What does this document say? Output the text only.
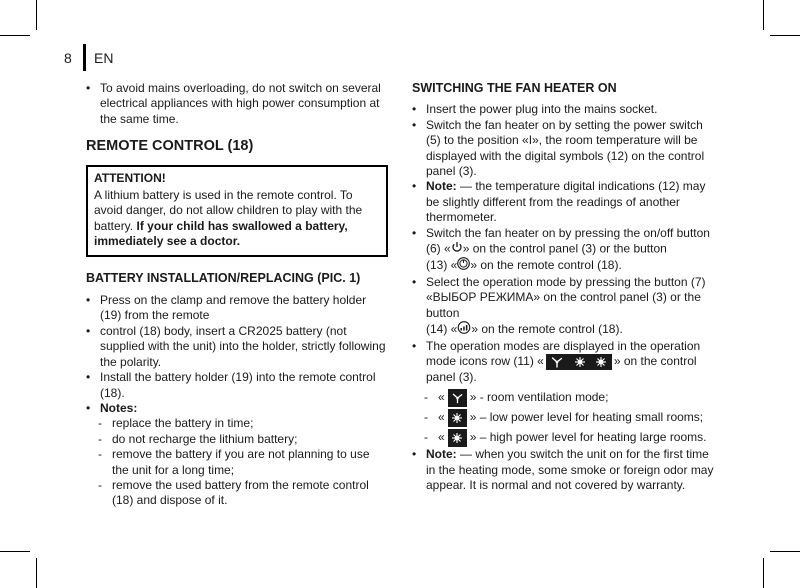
8 EN
• To avoid mains overloading, do not switch on several electrical appliances with high power consumption at the same time.
REMOTE CONTROL (18)
ATTENTION!
A lithium battery is used in the remote control. To avoid danger, do not allow children to play with the battery. If your child has swallowed a battery, immediately see a doctor.
BATTERY INSTALLATION/REPLACING (PIC. 1)
• Press on the clamp and remove the battery holder (19) from the remote
• control (18) body, insert a CR2025 battery (not supplied with the unit) into the holder, strictly following the polarity.
• Install the battery holder (19) into the remote control (18).
• Notes:
- replace the battery in time;
- do not recharge the lithium battery;
- remove the battery if you are not planning to use the unit for a long time;
- remove the used battery from the remote control (18) and dispose of it.
SWITCHING THE FAN HEATER ON
• Insert the power plug into the mains socket.
• Switch the fan heater on by setting the power switch (5) to the position «I», the room temperature will be displayed with the digital symbols (12) on the control panel (3).
• Note: — the temperature digital indications (12) may be slightly different from the readings of another thermometer.
• Switch the fan heater on by pressing the on/off button (6) « » on the control panel (3) or the button
(13) « » on the remote control (18).
• Select the operation mode by pressing the button (7) «ВЫБОР РЕЖИМА» on the control panel (3) or the button
(14) « » on the remote control (18).
• The operation modes are displayed in the operation mode icons row (11) «	» on the control panel (3).
- « » - room ventilation mode;
- « » – low power level for heating small rooms;
- « » – high power level for heating large rooms.
• Note: — when you switch the unit on for the first time in the heating mode, some smoke or foreign odor may appear. It is normal and not covered by warranty.
